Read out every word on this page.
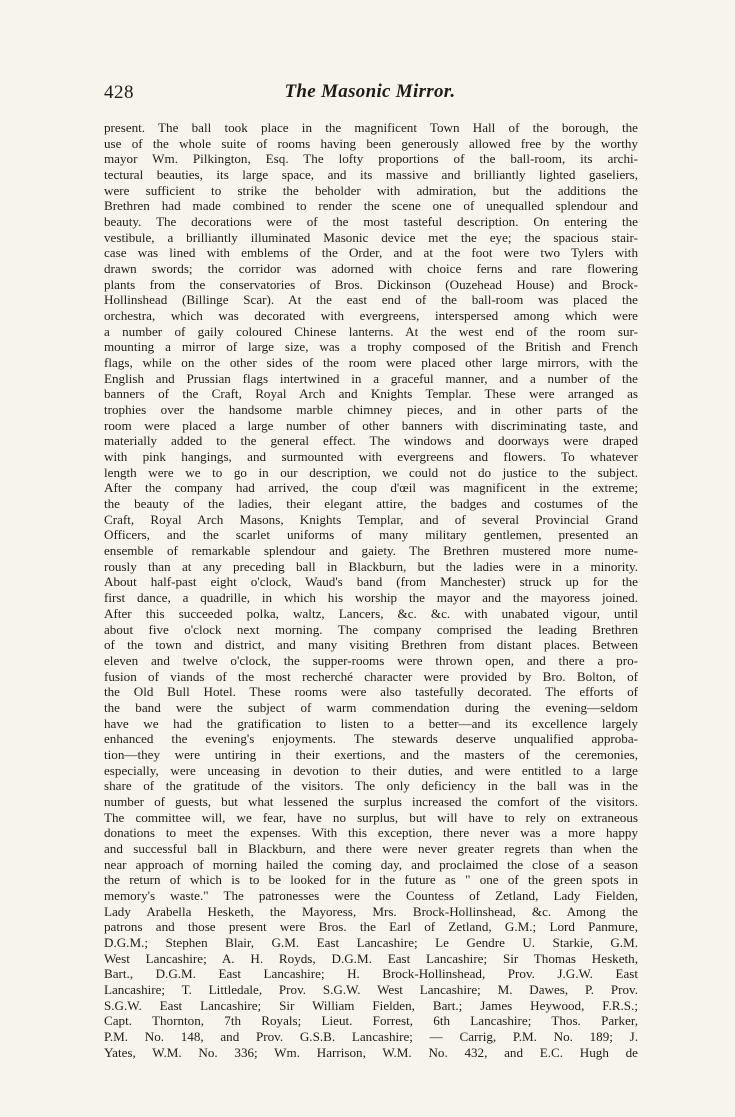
428	The Masonic Mirror.
present. The ball took place in the magnificent Town Hall of the borough, the
use of the whole suite of rooms having been generously allowed free by the worthy
mayor Wm. Pilkington, Esq. The lofty proportions of the ball-room, its archi-
tectural beauties, its large space, and its massive and brilliantly lighted gaseliers,
were sufficient to strike the beholder with admiration, but the additions the
Brethren had made combined to render the scene one of unequalled splendour and
beauty. The decorations were of the most tasteful description. On entering the
vestibule, a brilliantly illuminated Masonic device met the eye; the spacious stair-
case was lined with emblems of the Order, and at the foot were two Tylers with
drawn swords; the corridor was adorned with choice ferns and rare flowering
plants from the conservatories of Bros. Dickinson (Ouzehead House) and Brock-
Hollinshead (Billinge Scar). At the east end of the ball-room was placed the
orchestra, which was decorated with evergreens, interspersed among which were
a number of gaily coloured Chinese lanterns. At the west end of the room sur-
mounting a mirror of large size, was a trophy composed of the British and French
flags, while on the other sides of the room were placed other large mirrors, with the
English and Prussian flags intertwined in a graceful manner, and a number of the
banners of the Craft, Royal Arch and Knights Templar. These were arranged as
trophies over the handsome marble chimney pieces, and in other parts of the
room were placed a large number of other banners with discriminating taste, and
materially added to the general effect. The windows and doorways were draped
with pink hangings, and surmounted with evergreens and flowers. To whatever
length were we to go in our description, we could not do justice to the subject.
After the company had arrived, the coup d'œil was magnificent in the extreme;
the beauty of the ladies, their elegant attire, the badges and costumes of the
Craft, Royal Arch Masons, Knights Templar, and of several Provincial Grand
Officers, and the scarlet uniforms of many military gentlemen, presented an
ensemble of remarkable splendour and gaiety. The Brethren mustered more nume-
rously than at any preceding ball in Blackburn, but the ladies were in a minority.
About half-past eight o'clock, Waud's band (from Manchester) struck up for the
first dance, a quadrille, in which his worship the mayor and the mayoress joined.
After this succeeded polka, waltz, Lancers, &c. &c. with unabated vigour, until
about five o'clock next morning. The company comprised the leading Brethren
of the town and district, and many visiting Brethren from distant places. Between
eleven and twelve o'clock, the supper-rooms were thrown open, and there a pro-
fusion of viands of the most recherché character were provided by Bro. Bolton, of
the Old Bull Hotel. These rooms were also tastefully decorated. The efforts of
the band were the subject of warm commendation during the evening—seldom
have we had the gratification to listen to a better—and its excellence largely
enhanced the evening's enjoyments. The stewards deserve unqualified approba-
tion—they were untiring in their exertions, and the masters of the ceremonies,
especially, were unceasing in devotion to their duties, and were entitled to a large
share of the gratitude of the visitors. The only deficiency in the ball was in the
number of guests, but what lessened the surplus increased the comfort of the visitors.
The committee will, we fear, have no surplus, but will have to rely on extraneous
donations to meet the expenses. With this exception, there never was a more happy
and successful ball in Blackburn, and there were never greater regrets than when the
near approach of morning hailed the coming day, and proclaimed the close of a season
the return of which is to be looked for in the future as " one of the green spots in
memory's waste." The patronesses were the Countess of Zetland, Lady Fielden,
Lady Arabella Hesketh, the Mayoress, Mrs. Brock-Hollinshead, &c. Among the
patrons and those present were Bros. the Earl of Zetland, G.M.; Lord Panmure,
D.G.M.; Stephen Blair, G.M. East Lancashire; Le Gendre U. Starkie, G.M.
West Lancashire; A. H. Royds, D.G.M. East Lancashire; Sir Thomas Hesketh,
Bart., D.G.M. East Lancashire; H. Brock-Hollinshead, Prov. J.G.W. East
Lancashire; T. Littledale, Prov. S.G.W. West Lancashire; M. Dawes, P. Prov.
S.G.W. East Lancashire; Sir William Fielden, Bart.; James Heywood, F.R.S.;
Capt. Thornton, 7th Royals; Lieut. Forrest, 6th Lancashire; Thos. Parker,
P.M. No. 148, and Prov. G.S.B. Lancashire; — Carrig, P.M. No. 189; J.
Yates, W.M. No. 336; Wm. Harrison, W.M. No. 432, and E.C. Hugh de
